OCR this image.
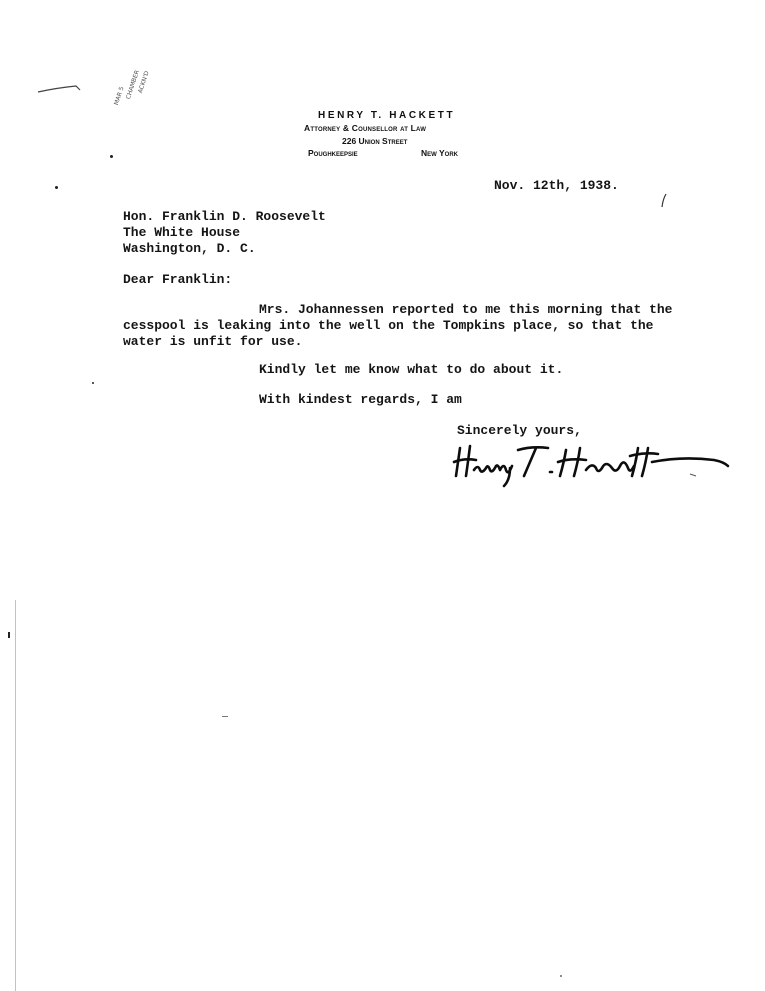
MAR 5 CHAMBER
ACKN'D
HENRY T. HACKETT
Attorney & Counsellor at Law
226 Union Street
Poughkeepsie	New York
Nov. 12th, 1938.
Hon. Franklin D. Roosevelt
The White House
Washington, D. C.
Dear Franklin:
Mrs. Johannessen reported to me this morning that the
cesspool is leaking into the well on the Tompkins place, so that the
water is unfit for use.
Kindly let me know what to do about it.
With kindest regards, I am
Sincerely yours,
